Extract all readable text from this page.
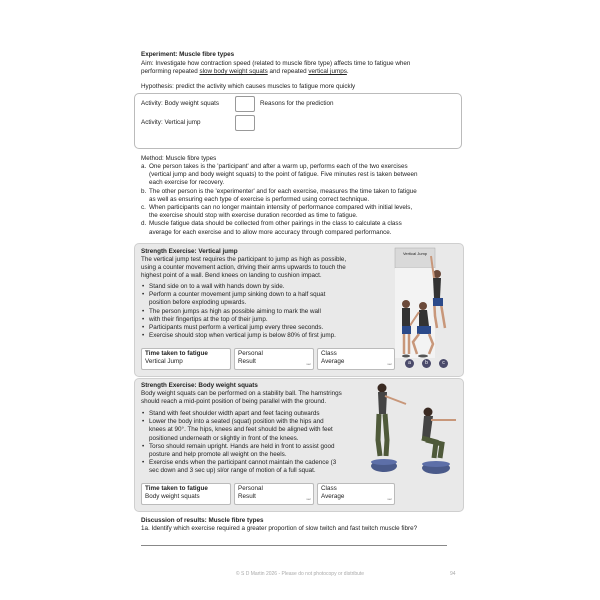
Experiment: Muscle fibre types
Aim: Investigate how contraction speed (related to muscle fibre type) affects time to fatigue when
performing repeated slow body weight squats and repeated vertical jumps.
Hypothesis: predict the activity which causes muscles to fatigue more quickly
Activity: Body weight squats	Reasons for the prediction
Activity: Vertical jump
Method: Muscle fibre types
a. One person takes is the 'participant' and after a warm up, performs each of the two exercises
(vertical jump and body weight squats) to the point of fatigue. Five minutes rest is taken between
each exercise for recovery.
b. The other person is the 'experimenter' and for each exercise, measures the time taken to fatigue
as well as ensuring each type of exercise is performed using correct technique.
c. When participants can no longer maintain intensity of performance compared with initial levels,
the exercise should stop with exercise duration recorded as time to fatigue.
d. Muscle fatigue data should be collected from other pairings in the class to calculate a class
average for each exercise and to allow more accuracy through compared performance.
Strength Exercise: Vertical jump
The vertical jump test requires the participant to jump as high as possible,
using a counter movement action, driving their arms upwards to touch the
highest point of a wall. Bend knees on landing to cushion impact.
• Stand side on to a wall with hands down by side.
• Perform a counter movement jump sinking down to a half squat
position before exploding upwards.
• The person jumps as high as possible aiming to mark the wall
• with their fingertips at the top of their jump.
• Participants must perform a vertical jump every three seconds.
• Exercise should stop when vertical jump is below 80% of first jump.
Vertical Jump
a	b	c
Time taken to fatigue
Vertical Jump
Personal
Result	sec
Class
Average	sec
Strength Exercise: Body weight squats
Body weight squats can be performed on a stability ball. The hamstrings
should reach a mid-point position of being parallel with the ground.
• Stand with feet shoulder width apart and feet facing outwards
• Lower the body into a seated (squat) position with the hips and
knees at 90°. The hips, knees and feet should be aligned with feet
positioned underneath or slightly in front of the knees.
• Torso should remain upright. Hands are held in front to assist good
posture and help promote all weight on the heels.
• Exercise ends when the participant cannot maintain the cadence (3
sec down and 3 sec up) sl/or range of motion of a full squat.
Time taken to fatigue
Body weight squats
Personal
Result	sec
Class
Average	sec
Discussion of results: Muscle fibre types
1a. Identify which exercise required a greater proportion of slow twitch and fast twitch muscle fibre?
© S D Martin 2026 - Please do not photocopy or distribute	94
